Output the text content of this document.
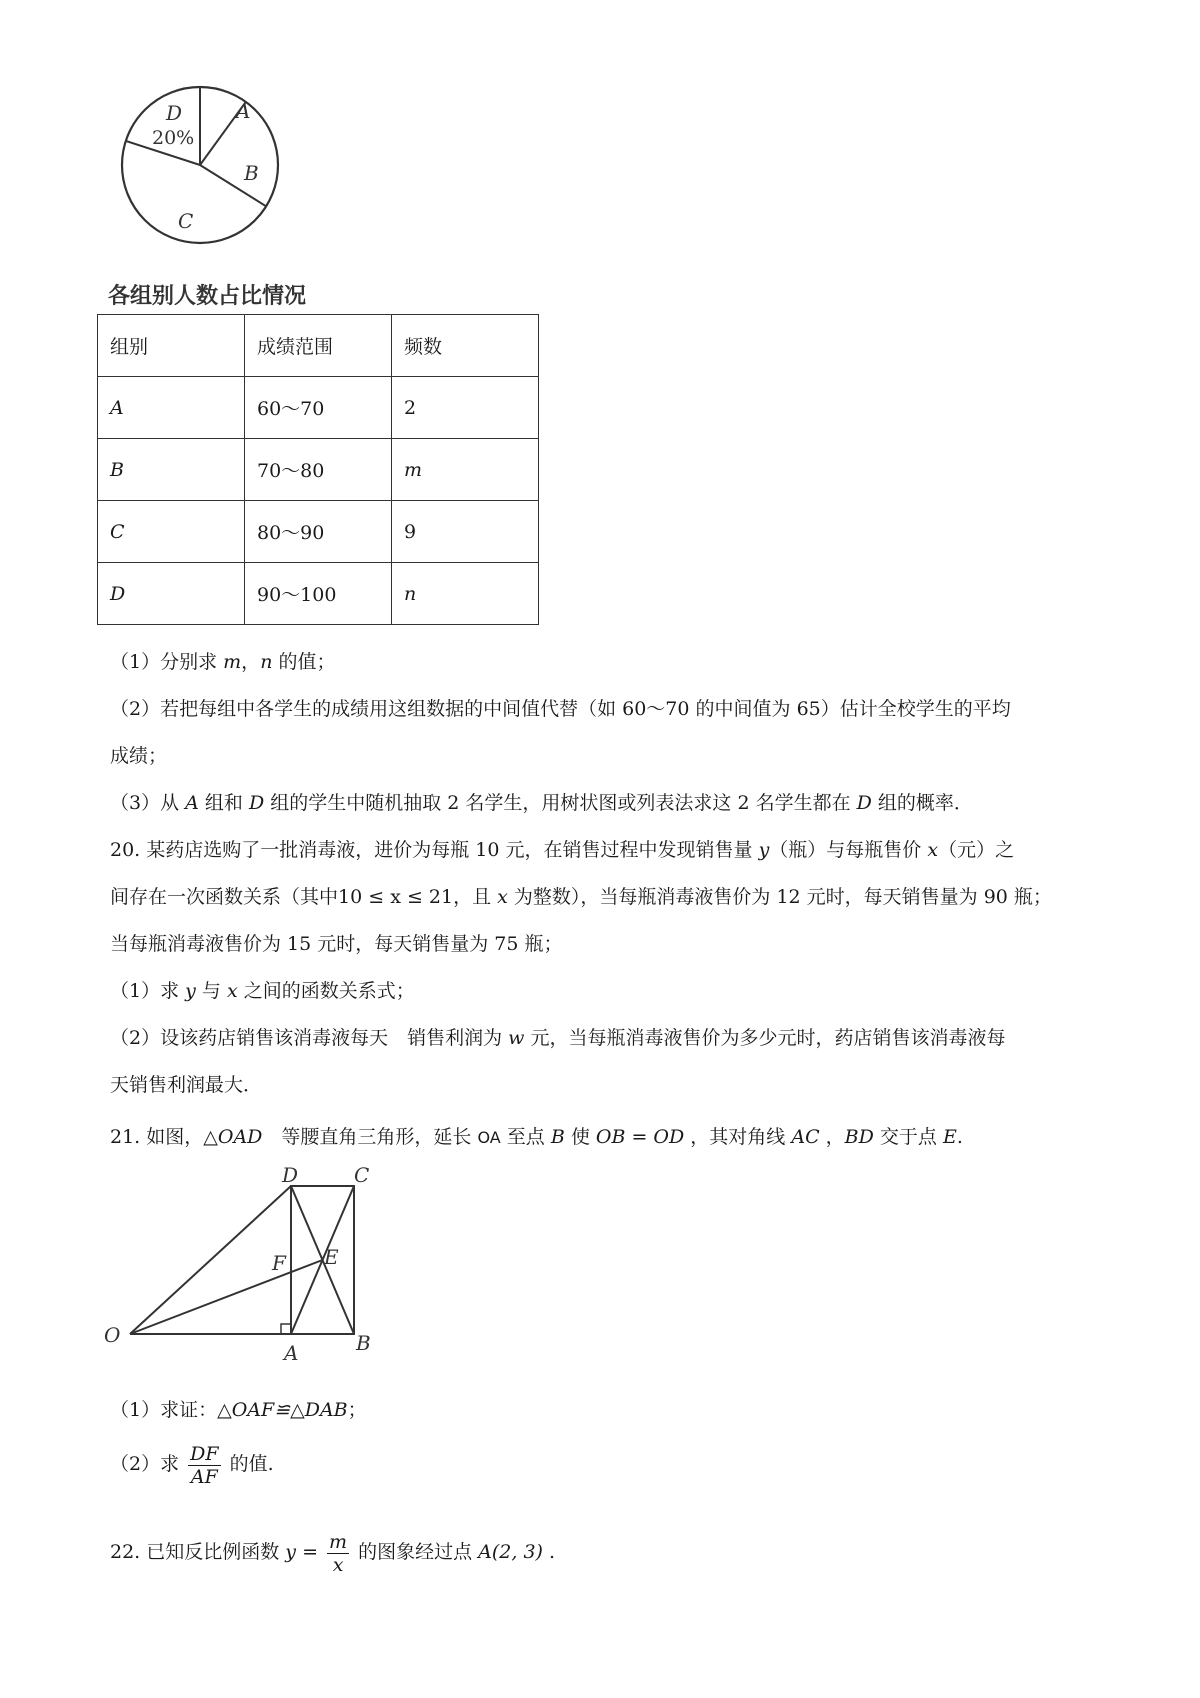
A
B
C
D
20%
各组别人数占比情况
组别	成绩范围	频数
A	60～70	2
B	70～80	m
C	80～90	9
D	90～100	n
（1）分别求 m，n 的值；
（2）若把每组中各学生的成绩用这组数据的中间值代替（如 60～70 的中间值为 65）估计全校学生的平均
成绩；
（3）从 A 组和 D 组的学生中随机抽取 2 名学生，用树状图或列表法求这 2 名学生都在 D 组的概率．
20. 某药店选购了一批消毒液，进价为每瓶 10 元，在销售过程中发现销售量 y（瓶）与每瓶售价 x（元）之
间存在一次函数关系（其中10 ≤ x ≤ 21，且 x 为整数），当每瓶消毒液售价为 12 元时，每天销售量为 90 瓶；
当每瓶消毒液售价为 15 元时，每天销售量为 75 瓶；
（1）求 y 与 x 之间的函数关系式；
（2）设该药店销售该消毒液每天　销售利润为 w 元，当每瓶消毒液售价为多少元时，药店销售该消毒液每
天销售利润最大．
21. 如图，△OAD　等腰直角三角形，延长 OA 至点 B 使 OB = OD ，其对角线 AC ，BD 交于点 E.
D	C
E
F
O
A	B
（1）求证：△OAF≌△DAB；
（2）求 $\frac{DF}{AF}$ 的值.
22. 已知反比例函数 $y = \frac{m}{x}$ 的图象经过点 A(2, 3) .
